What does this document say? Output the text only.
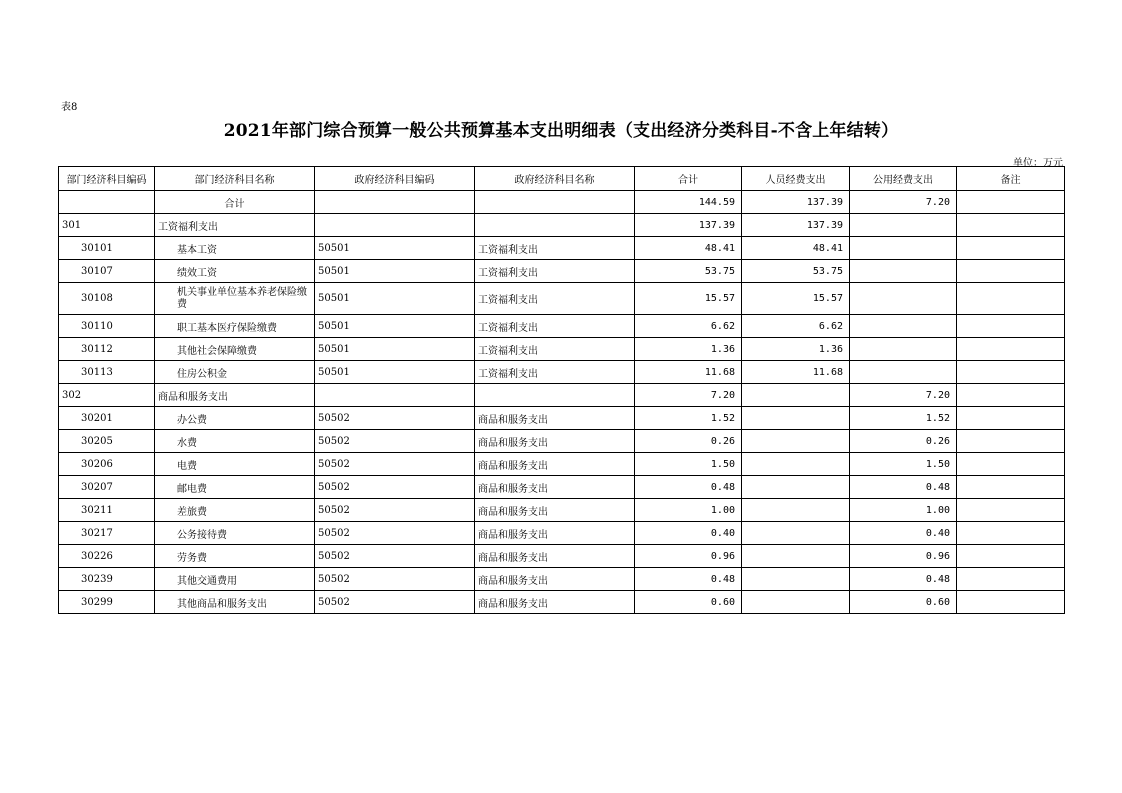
表8
2021年部门综合预算一般公共预算基本支出明细表（支出经济分类科目-不含上年结转）
单位：万元
部门经济科目编码	部门经济科目名称	政府经济科目编码	政府经济科目名称	合计	人员经费支出	公用经费支出	备注
	合计			144.59	137.39	7.20	
301	工资福利支出			137.39	137.39		
30101	基本工资	50501	工资福利支出	48.41	48.41		
30107	绩效工资	50501	工资福利支出	53.75	53.75		
30108	机关事业单位基本养老保险缴费	50501	工资福利支出	15.57	15.57		
30110	职工基本医疗保险缴费	50501	工资福利支出	6.62	6.62		
30112	其他社会保障缴费	50501	工资福利支出	1.36	1.36		
30113	住房公积金	50501	工资福利支出	11.68	11.68		
302	商品和服务支出			7.20		7.20	
30201	办公费	50502	商品和服务支出	1.52		1.52	
30205	水费	50502	商品和服务支出	0.26		0.26	
30206	电费	50502	商品和服务支出	1.50		1.50	
30207	邮电费	50502	商品和服务支出	0.48		0.48	
30211	差旅费	50502	商品和服务支出	1.00		1.00	
30217	公务接待费	50502	商品和服务支出	0.40		0.40	
30226	劳务费	50502	商品和服务支出	0.96		0.96	
30239	其他交通费用	50502	商品和服务支出	0.48		0.48	
30299	其他商品和服务支出	50502	商品和服务支出	0.60		0.60	
